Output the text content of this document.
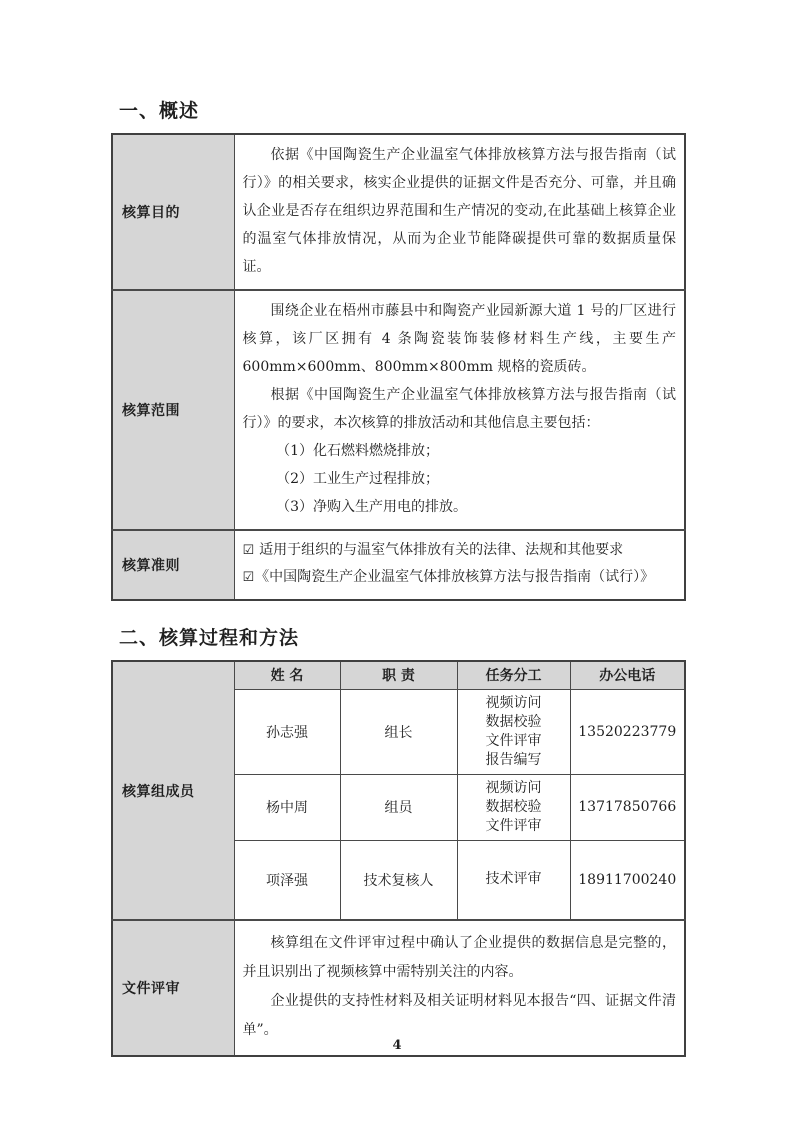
一、概述
核算目的	依据《中国陶瓷生产企业温室气体排放核算方法与报告指南（试行）》的相关要求，核实企业提供的证据文件是否充分、可靠，并且确认企业是否存在组织边界范围和生产情况的变动,在此基础上核算企业的温室气体排放情况，从而为企业节能降碳提供可靠的数据质量保证。

核算范围	围绕企业在梧州市藤县中和陶瓷产业园新源大道 1 号的厂区进行核算，该厂区拥有 4 条陶瓷装饰装修材料生产线，主要生产600mm×600mm、800mm×800mm 规格的瓷质砖。
根据《中国陶瓷生产企业温室气体排放核算方法与报告指南（试行）》的要求，本次核算的排放活动和其他信息主要包括：
（1）化石燃料燃烧排放；
（2）工业生产过程排放；
（3）净购入生产用电的排放。

核算准则	☑ 适用于组织的与温室气体排放有关的法律、法规和其他要求
☑ 《中国陶瓷生产企业温室气体排放核算方法与报告指南（试行）》
二、核算过程和方法
核算组成员	姓 名	职 责	任务分工	办公电话
	孙志强	组长	视频访问
数据校验
文件评审
报告编写	13520223779
	杨中周	组员	视频访问
数据校验
文件评审	13717850766
	项泽强	技术复核人	技术评审	18911700240
文件评审	核算组在文件评审过程中确认了企业提供的数据信息是完整的，并且识别出了视频核算中需特别关注的内容。
企业提供的支持性材料及相关证明材料见本报告“四、证据文件清单”。			
4
